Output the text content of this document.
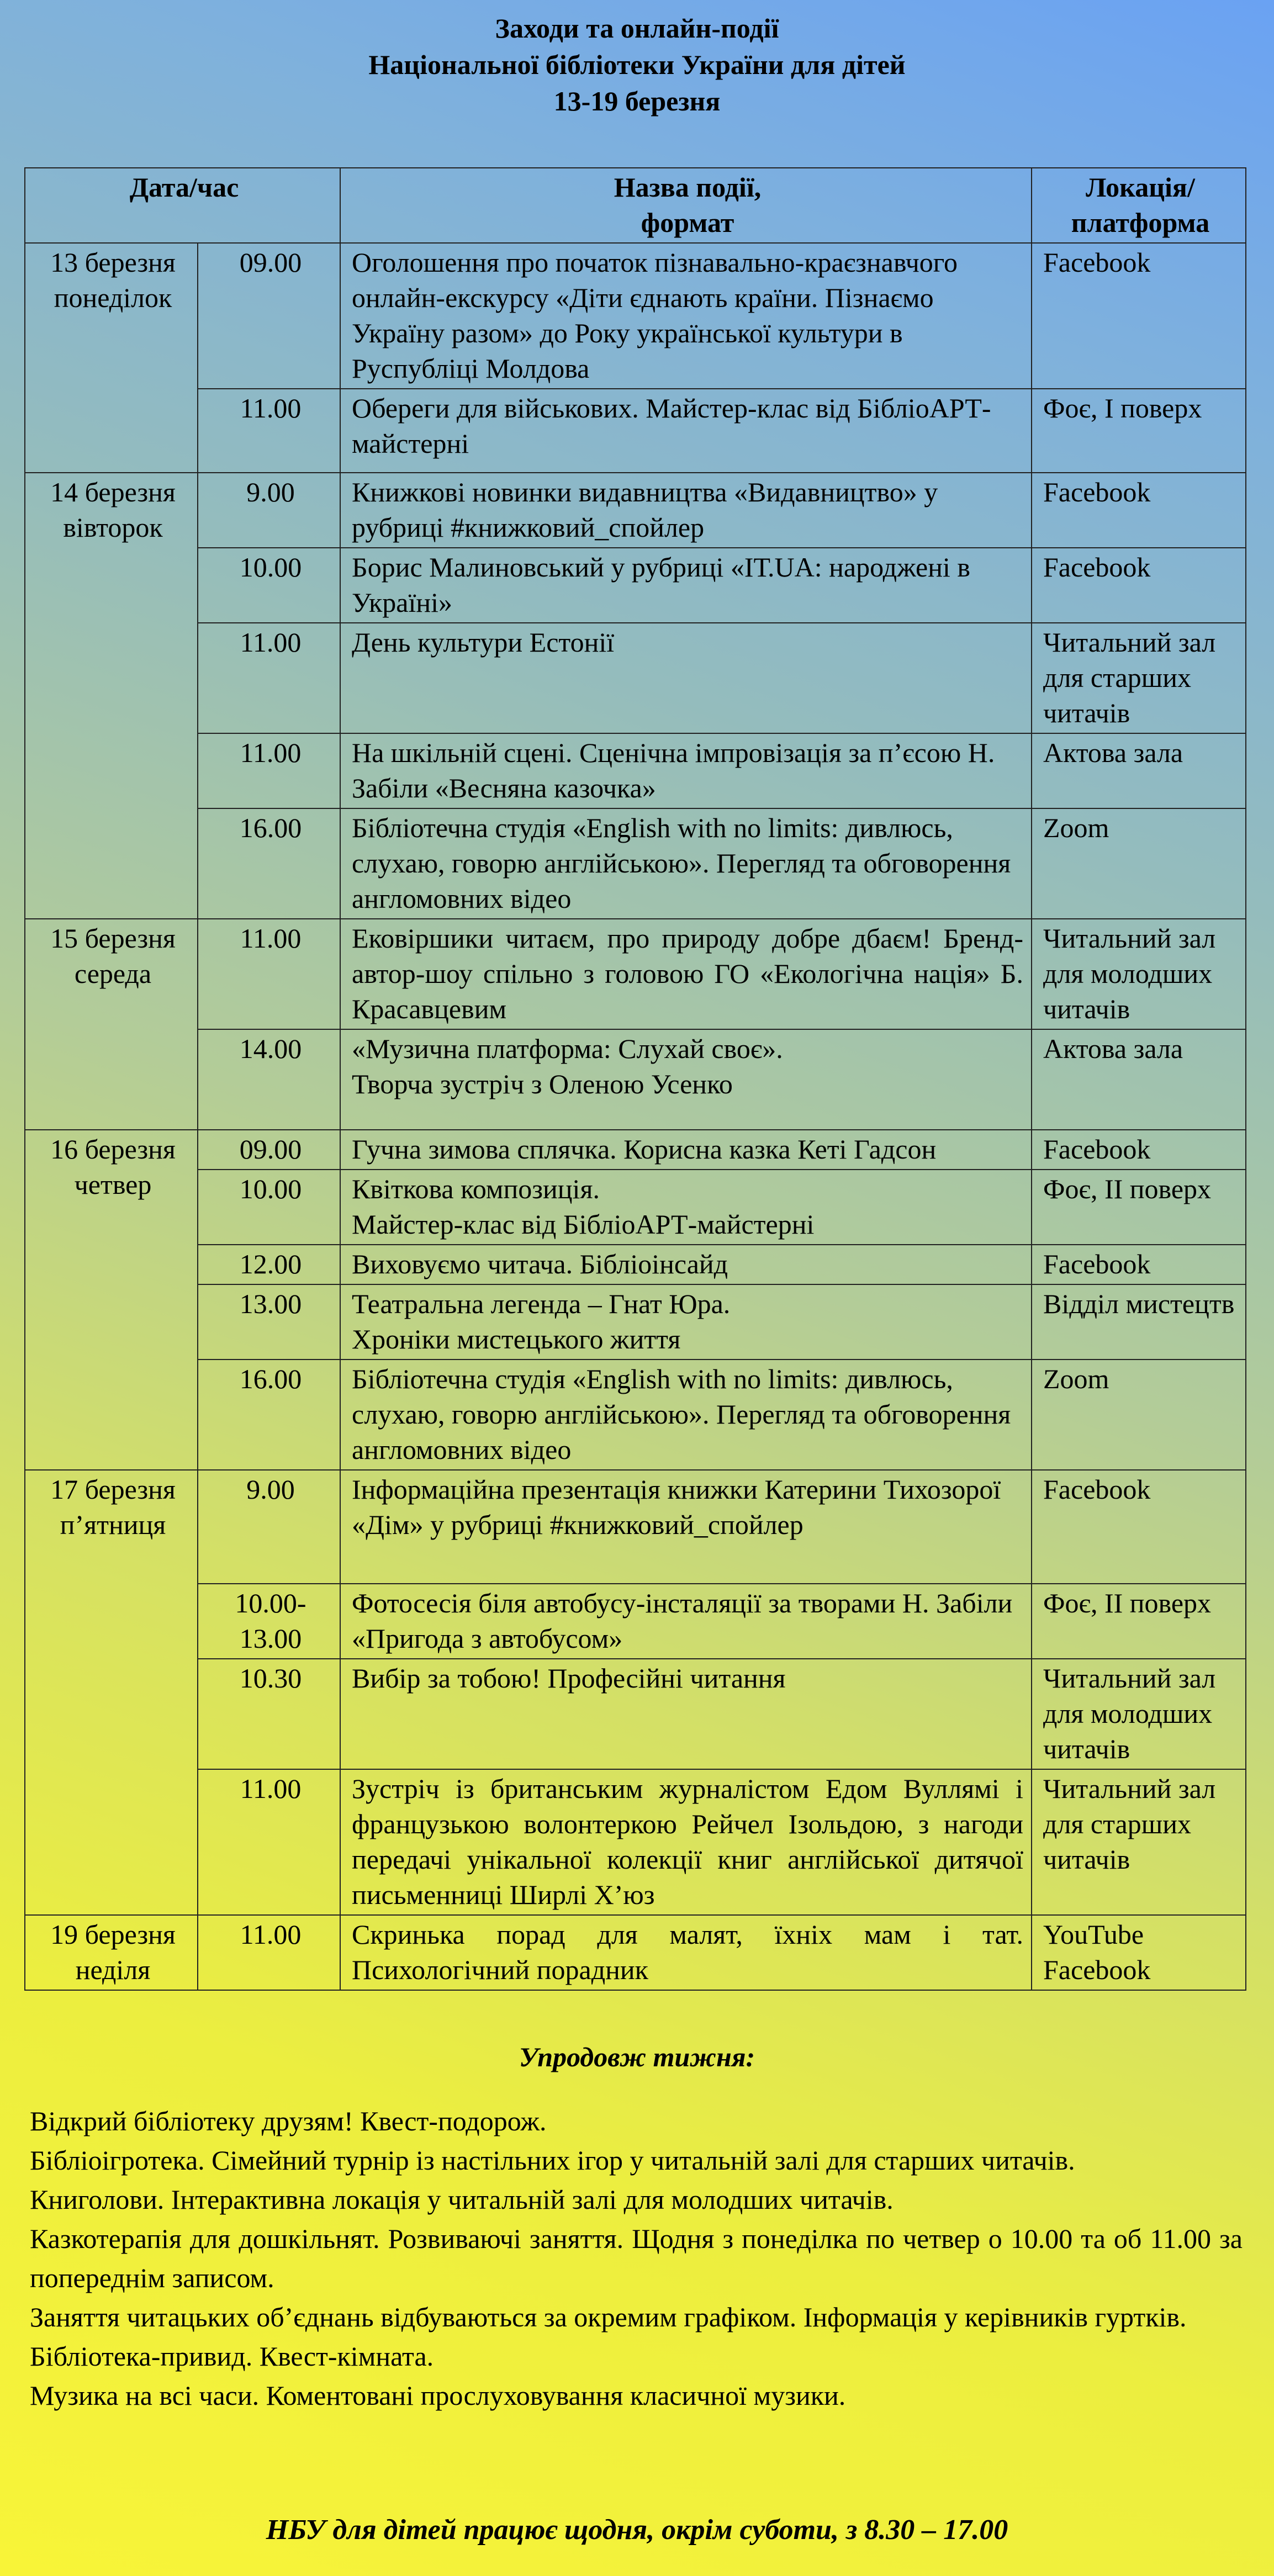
Заходи та онлайн-події
Національної бібліотеки України для дітей
13-19 березня
Дата/час		Назва події,
формат	Локація/
платформа

13 березня
понеділок	09.00	Оголошення про початок пізнавально-краєзнавчого онлайн-екскурсу «Діти єднають країни. Пізнаємо Україну разом» до Року української культури в Руспубліці Молдова	Facebook
	11.00	Обереги для військових. Майстер-клас від БібліоАРТ-майстерні	Фоє, І поверх

14 березня
вівторок	9.00	Книжкові новинки видавництва «Видавництво» у рубриці #книжковий_спойлер	Facebook
	10.00	Борис Малиновський у рубриці «ІТ.UA: народжені в Україні»	Facebook
	11.00	День культури Естонії	Читальний зал для старших читачів
	11.00	На шкільній сцені. Сценічна імпровізація за п’єсою Н. Забіли «Весняна казочка»	Актова зала
	16.00	Бібліотечна студія «English with no limits: дивлюсь, слухаю, говорю англійською». Перегляд та обговорення англомовних відео	Zoom

15 березня
середа	11.00	Ековіршики читаєм, про природу добре дбаєм! Бренд-автор-шоу спільно з головою ГО «Екологічна нація» Б. Красавцевим	Читальний зал для молодших читачів
	14.00	«Музична платформа: Слухай своє».
Творча зустріч з Оленою Усенко	Актова зала

16 березня
четвер	09.00	Гучна зимова сплячка. Корисна казка Кеті Гадсон	Facebook
	10.00	Квіткова композиція.
Майстер-клас від БібліоАРТ-майстерні	Фоє, ІІ поверх
	12.00	Виховуємо читача. Бібліоінсайд	Facebook
	13.00	Театральна легенда – Гнат Юра.
Хроніки мистецького життя	Відділ мистецтв
	16.00	Бібліотечна студія «English with no limits: дивлюсь, слухаю, говорю англійською». Перегляд та обговорення англомовних відео	Zoom

17 березня
п’ятниця	9.00	Інформаційна презентація книжки Катерини Тихозорої «Дім» у рубриці #книжковий_спойлер	Facebook

	10.00-
13.00	Фотосесія біля автобусу-інсталяції за творами Н. Забіли «Пригода з автобусом»	Фоє, ІІ поверх
	10.30	Вибір за тобою! Професійні читання	Читальний зал для молодших читачів
	11.00	Зустріч із британським журналістом Едом Вуллямі і французькою волонтеркою Рейчел Ізольдою, з нагоди передачі унікальної колекції книг англійської дитячої письменниці Ширлі Х’юз	Читальний зал для старших читачів

19 березня
неділя	11.00	Скринька порад для малят, їхніх мам і тат. Психологічний порадник	YouTube
Facebook
Упродовж тижня:
Відкрий бібліотеку друзям! Квест-подорож.
Бібліоігротека. Сімейний турнір із настільних ігор у читальній залі для старших читачів.
Книголови. Інтерактивна локація у читальній залі для молодших читачів.
Казкотерапія для дошкільнят. Розвиваючі заняття. Щодня з понеділка по четвер о 10.00 та об 11.00 за попереднім записом.
Заняття читацьких об’єднань відбуваються за окремим графіком. Інформація у керівників гуртків.
Бібліотека-привид. Квест-кімната.
Музика на всі часи. Коментовані прослуховування класичної музики.
НБУ для дітей працює щодня, окрім суботи, з 8.30 – 17.00
